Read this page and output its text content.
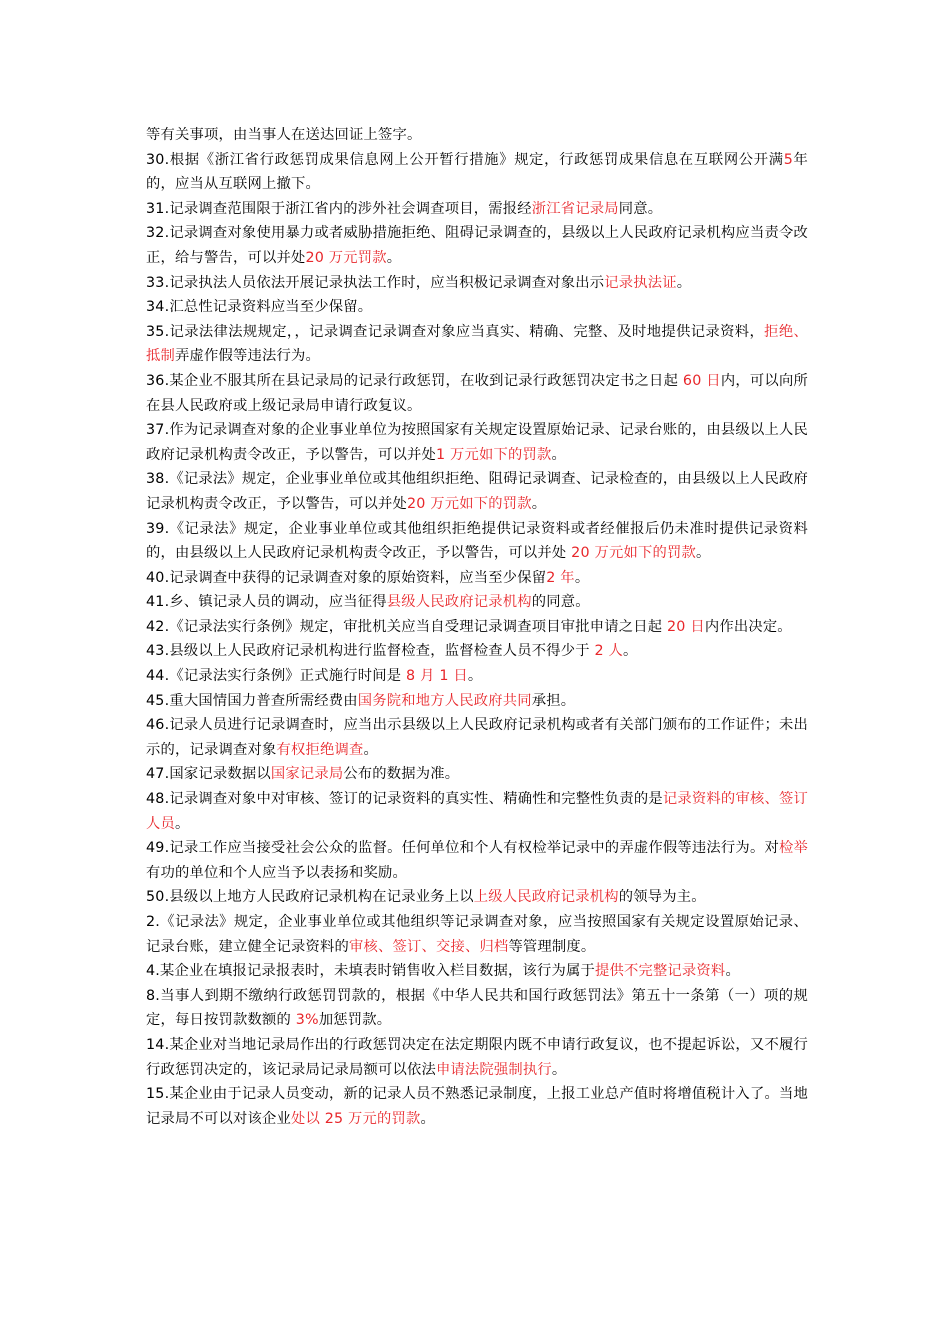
等有关事项，由当事人在送达回证上签字。

30.根据《浙江省行政惩罚成果信息网上公开暂行措施》规定，行政惩罚成果信息在互联网公开满5年的，应当从互联网上撤下。

31.记录调查范围限于浙江省内的涉外社会调查项目，需报经浙江省记录局同意。

32.记录调查对象使用暴力或者威胁措施拒绝、阻碍记录调查的，县级以上人民政府记录机构应当责令改正，给与警告，可以并处20 万元罚款。

33.记录执法人员依法开展记录执法工作时，应当积极记录调查对象出示记录执法证。

34.汇总性记录资料应当至少保留。

35.记录法律法规规定，，记录调查记录调查对象应当真实、精确、完整、及时地提供记录资料，拒绝、抵制弄虚作假等违法行为。

36.某企业不服其所在县记录局的记录行政惩罚，在收到记录行政惩罚决定书之日起 60 日内，可以向所在县人民政府或上级记录局申请行政复议。

37.作为记录调查对象的企业事业单位为按照国家有关规定设置原始记录、记录台账的，由县级以上人民政府记录机构责令改正，予以警告，可以并处1 万元如下的罚款。

38.《记录法》规定，企业事业单位或其他组织拒绝、阻碍记录调查、记录检查的，由县级以上人民政府记录机构责令改正，予以警告，可以并处20 万元如下的罚款。

39.《记录法》规定，企业事业单位或其他组织拒绝提供记录资料或者经催报后仍未准时提供记录资料的，由县级以上人民政府记录机构责令改正，予以警告，可以并处 20 万元如下的罚款。

40.记录调查中获得的记录调查对象的原始资料，应当至少保留2 年。

41.乡、镇记录人员的调动，应当征得县级人民政府记录机构的同意。

42.《记录法实行条例》规定，审批机关应当自受理记录调查项目审批申请之日起 20 日内作出决定。

43.县级以上人民政府记录机构进行监督检查，监督检查人员不得少于 2 人。

44.《记录法实行条例》正式施行时间是 8 月 1 日。

45.重大国情国力普查所需经费由国务院和地方人民政府共同承担。

46.记录人员进行记录调查时，应当出示县级以上人民政府记录机构或者有关部门颁布的工作证件；未出示的，记录调查对象有权拒绝调查。

47.国家记录数据以国家记录局公布的数据为准。

48.记录调查对象中对审核、签订的记录资料的真实性、精确性和完整性负责的是记录资料的审核、签订人员。

49.记录工作应当接受社会公众的监督。任何单位和个人有权检举记录中的弄虚作假等违法行为。对检举有功的单位和个人应当予以表扬和奖励。

50.县级以上地方人民政府记录机构在记录业务上以上级人民政府记录机构的领导为主。

2.《记录法》规定，企业事业单位或其他组织等记录调查对象，应当按照国家有关规定设置原始记录、记录台账，建立健全记录资料的审核、签订、交接、归档等管理制度。

4.某企业在填报记录报表时，未填表时销售收入栏目数据，该行为属于提供不完整记录资料。

8.当事人到期不缴纳行政惩罚罚款的，根据《中华人民共和国行政惩罚法》第五十一条第（一）项的规定，每日按罚款数额的 3%加惩罚款。

14.某企业对当地记录局作出的行政惩罚决定在法定期限内既不申请行政复议，也不提起诉讼，又不履行行政惩罚决定的，该记录局记录局额可以依法申请法院强制执行。

15.某企业由于记录人员变动，新的记录人员不熟悉记录制度，上报工业总产值时将增值税计入了。当地记录局不可以对该企业处以 25 万元的罚款。
